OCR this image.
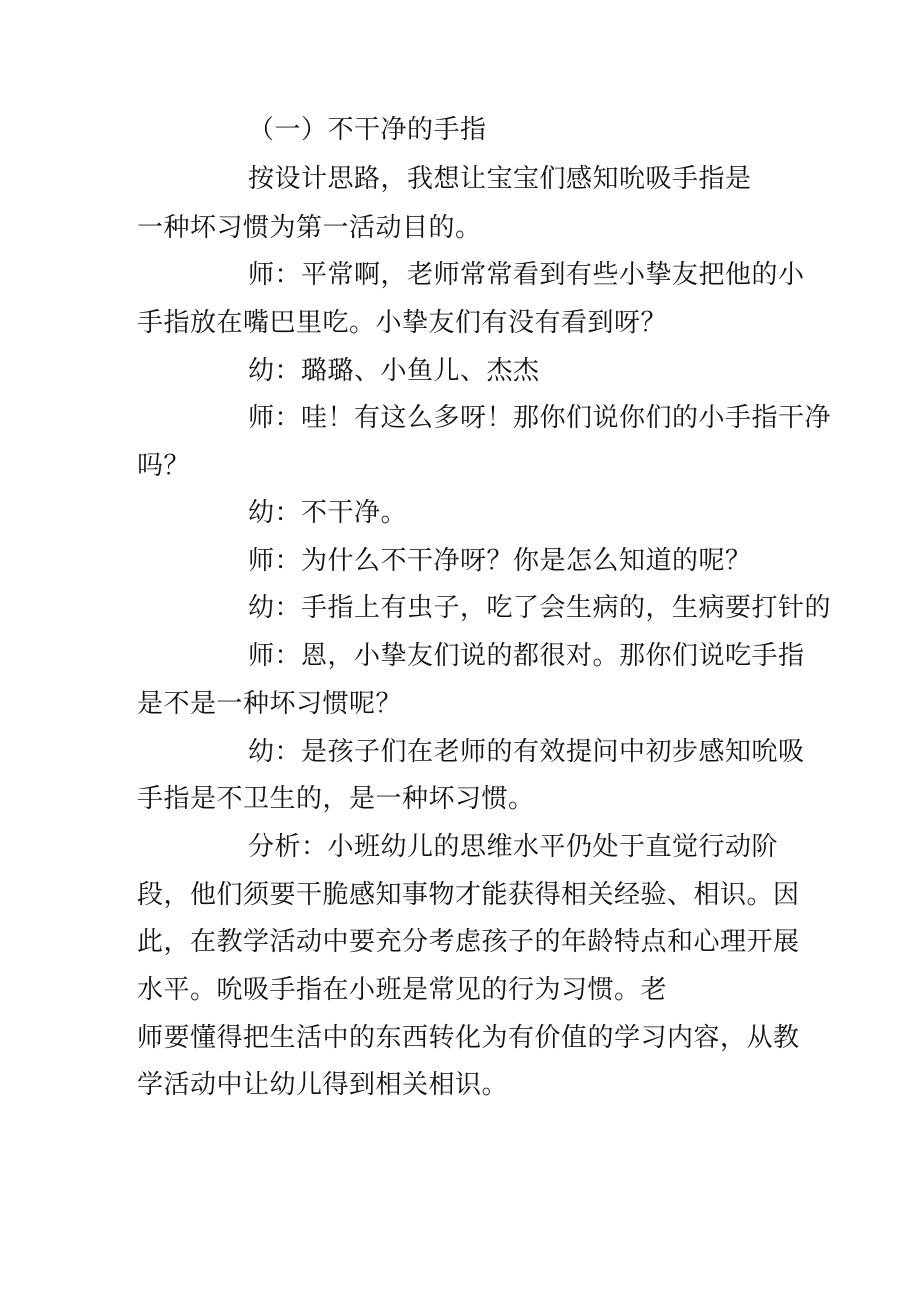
（一）不干净的手指
按设计思路，我想让宝宝们感知吮吸手指是
一种坏习惯为第一活动目的。
师：平常啊，老师常常看到有些小挚友把他的小
手指放在嘴巴里吃。小挚友们有没有看到呀？
幼：璐璐、小鱼儿、杰杰
师：哇！有这么多呀！那你们说你们的小手指干净
吗？
幼：不干净。
师：为什么不干净呀？你是怎么知道的呢？
幼：手指上有虫子，吃了会生病的，生病要打针的
师：恩，小挚友们说的都很对。那你们说吃手指
是不是一种坏习惯呢？
幼：是孩子们在老师的有效提问中初步感知吮吸
手指是不卫生的，是一种坏习惯。
分析：小班幼儿的思维水平仍处于直觉行动阶
段，他们须要干脆感知事物才能获得相关经验、相识。因
此，在教学活动中要充分考虑孩子的年龄特点和心理开展
水平。吮吸手指在小班是常见的行为习惯。老
师要懂得把生活中的东西转化为有价值的学习内容，从教
学活动中让幼儿得到相关相识。
